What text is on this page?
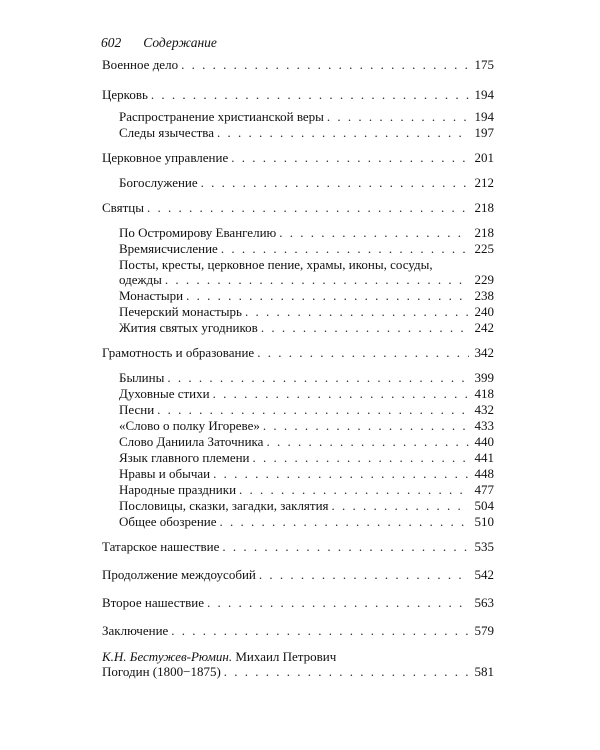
602 Содержание
Военное дело . . .	175
Церковь . . .	194
Распространение христианской веры . . .	194
Следы язычества . . .	197
Церковное управление . . .	201
Богослужение . . .	212
Святцы . . .	218
По Остромирову Евангелию . . .	218
Времяисчисление . . .	225
Посты, кресты, церковное пение, храмы, иконы, сосуды,
одежды . . .	229
Монастыри . . .	238
Печерский монастырь . . .	240
Жития святых угодников . . .	242
Грамотность и образование . . .	342
Былины . . .	399
Духовные стихи . . .	418
Песни . . .	432
«Слово о полку Игореве» . . .	433
Слово Даниила Заточника . . .	440
Язык главного племени . . .	441
Нравы и обычаи . . .	448
Народные праздники . . .	477
Пословицы, сказки, загадки, заклятия . . .	504
Общее обозрение . . .	510
Татарское нашествие . . .	535
Продолжение междоусобий . . .	542
Второе нашествие . . .	563
Заключение . . .	579
К.Н. Бестужев-Рюмин.
Михаил Петрович
Погодин (1800−1875) . . .	581
